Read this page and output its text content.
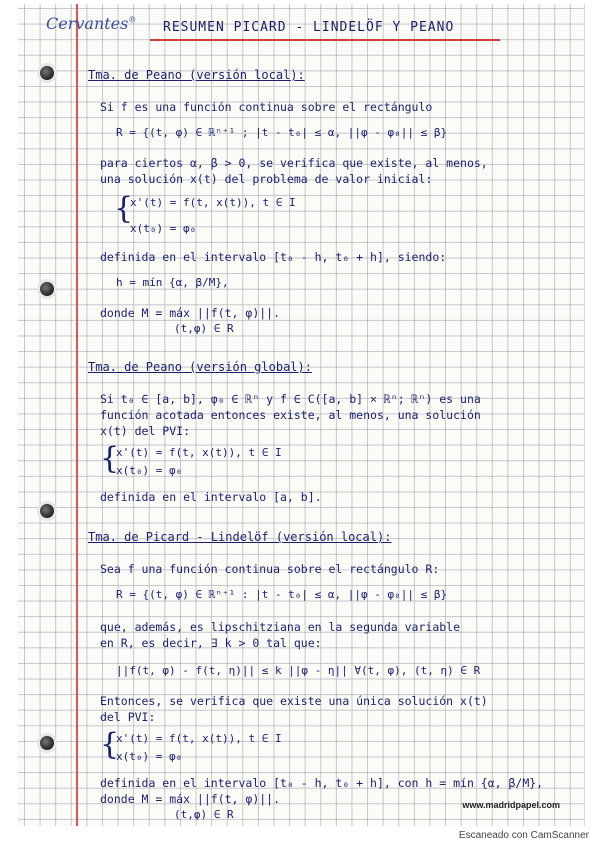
Cervantes® RESUMEN PICARD - LINDELÖF Y PEANO
Tma. de Peano (versión local):
Si f es una función continua sobre el rectángulo
R = {(t, φ) ∈ ℝⁿ⁺¹ ; |t - t₀| ≤ α, ||φ - φ₀|| ≤ β}
para ciertos α, β > 0, se verifica que existe, al menos,
una solución x(t) del problema de valor inicial:
{
x'(t) = f(t, x(t)), t ∈ I
x(t₀) = φ₀
definida en el intervalo [t₀ - h, t₀ + h], siendo:
h = mín {α, β/M},
donde M = máx ||f(t, φ)||.
(t,φ) ∈ R
Tma. de Peano (versión global):
Si t₀ ∈ [a, b], φ₀ ∈ ℝⁿ y f ∈ C([a, b] × ℝⁿ; ℝⁿ) es una
función acotada entonces existe, al menos, una solución
x(t) del PVI:
{
x'(t) = f(t, x(t)), t ∈ I
x(t₀) = φ₀
definida en el intervalo [a, b].
Tma. de Picard - Lindelöf (versión local):
Sea f una función continua sobre el rectángulo R:
R = {(t, φ) ∈ ℝⁿ⁺¹ : |t - t₀| ≤ α, ||φ - φ₀|| ≤ β}
que, además, es lipschitziana en la segunda variable
en R, es decir, ∃ k > 0 tal que:
||f(t, φ) - f(t, η)|| ≤ k ||φ - η|| ∀(t, φ), (t, η) ∈ R
Entonces, se verifica que existe una única solución x(t)
del PVI:
{
x'(t) = f(t, x(t)), t ∈ I
x(t₀) = φ₀
definida en el intervalo [t₀ - h, t₀ + h], con h = mín {α, β/M},
donde M = máx ||f(t, φ)||.
(t,φ) ∈ R
www.madridpapel.com
Escaneado con CamScanner
